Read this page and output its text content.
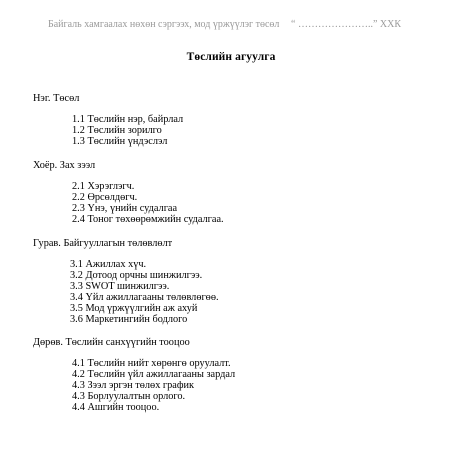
Байгаль хамгаалах нөхөн сэргээх, мод үржүүлэг төсөл “ …………………..” ХХК
Төслийн агуулга
Нэг. Төсөл
1.1 Төслийн нэр, байрлал
1.2 Төслийн зорилго
1.3 Төслийн үндэслэл
Хоёр. Зах зээл
2.1 Хэрэглэгч.
2.2 Өрсөлдөгч.
2.3 Үнэ, үнийн судалгаа
2.4 Тоног төхөөрөмжийн судалгаа.
Гурав. Байгууллагын төлөвлөлт
3.1 Ажиллах хүч.
3.2 Дотоод орчны шинжилгээ.
3.3 SWOT шинжилгээ.
3.4 Үйл ажиллагааны төлөвлөгөө.
3.5 Мод үржүүлгийн аж ахуй
3.6 Маркетингийн бодлого
Дөрөв. Төслийн санхүүгийн тооцоо
4.1 Төслийн нийт хөрөнгө оруулалт.
4.2 Төслийн үйл ажиллагааны зардал
4.3 Зээл эргэн төлөх график
4.3 Борлуулалтын орлого.
4.4 Ашгийн тооцоо.
